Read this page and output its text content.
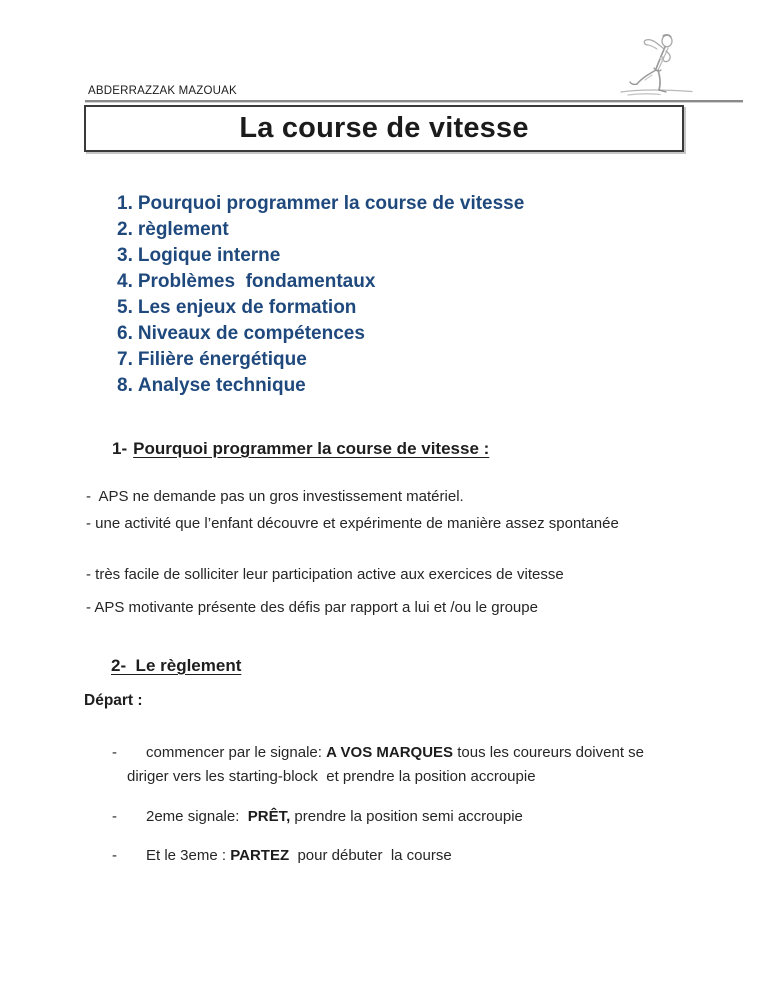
ABDERRAZZAK MAZOUAK
La course de vitesse
1. Pourquoi programmer la course de vitesse
2. règlement
3. Logique interne
4. Problèmes  fondamentaux
5. Les enjeux de formation
6. Niveaux de compétences
7. Filière énergétique
8. Analyse technique
1- Pourquoi programmer la course de vitesse :
-  APS ne demande pas un gros investissement matériel.
- une activité que l’enfant découvre et expérimente de manière assez spontanée
- très facile de solliciter leur participation active aux exercices de vitesse
- APS motivante présente des défis par rapport a lui et /ou le groupe
2-  Le règlement
Départ :
-	commencer par le signale: A VOS MARQUES tous les coureurs doivent se diriger vers les starting-block  et prendre la position accroupie
-	2eme signale:  PRÊT, prendre la position semi accroupie
-	Et le 3eme : PARTEZ  pour débuter  la course
